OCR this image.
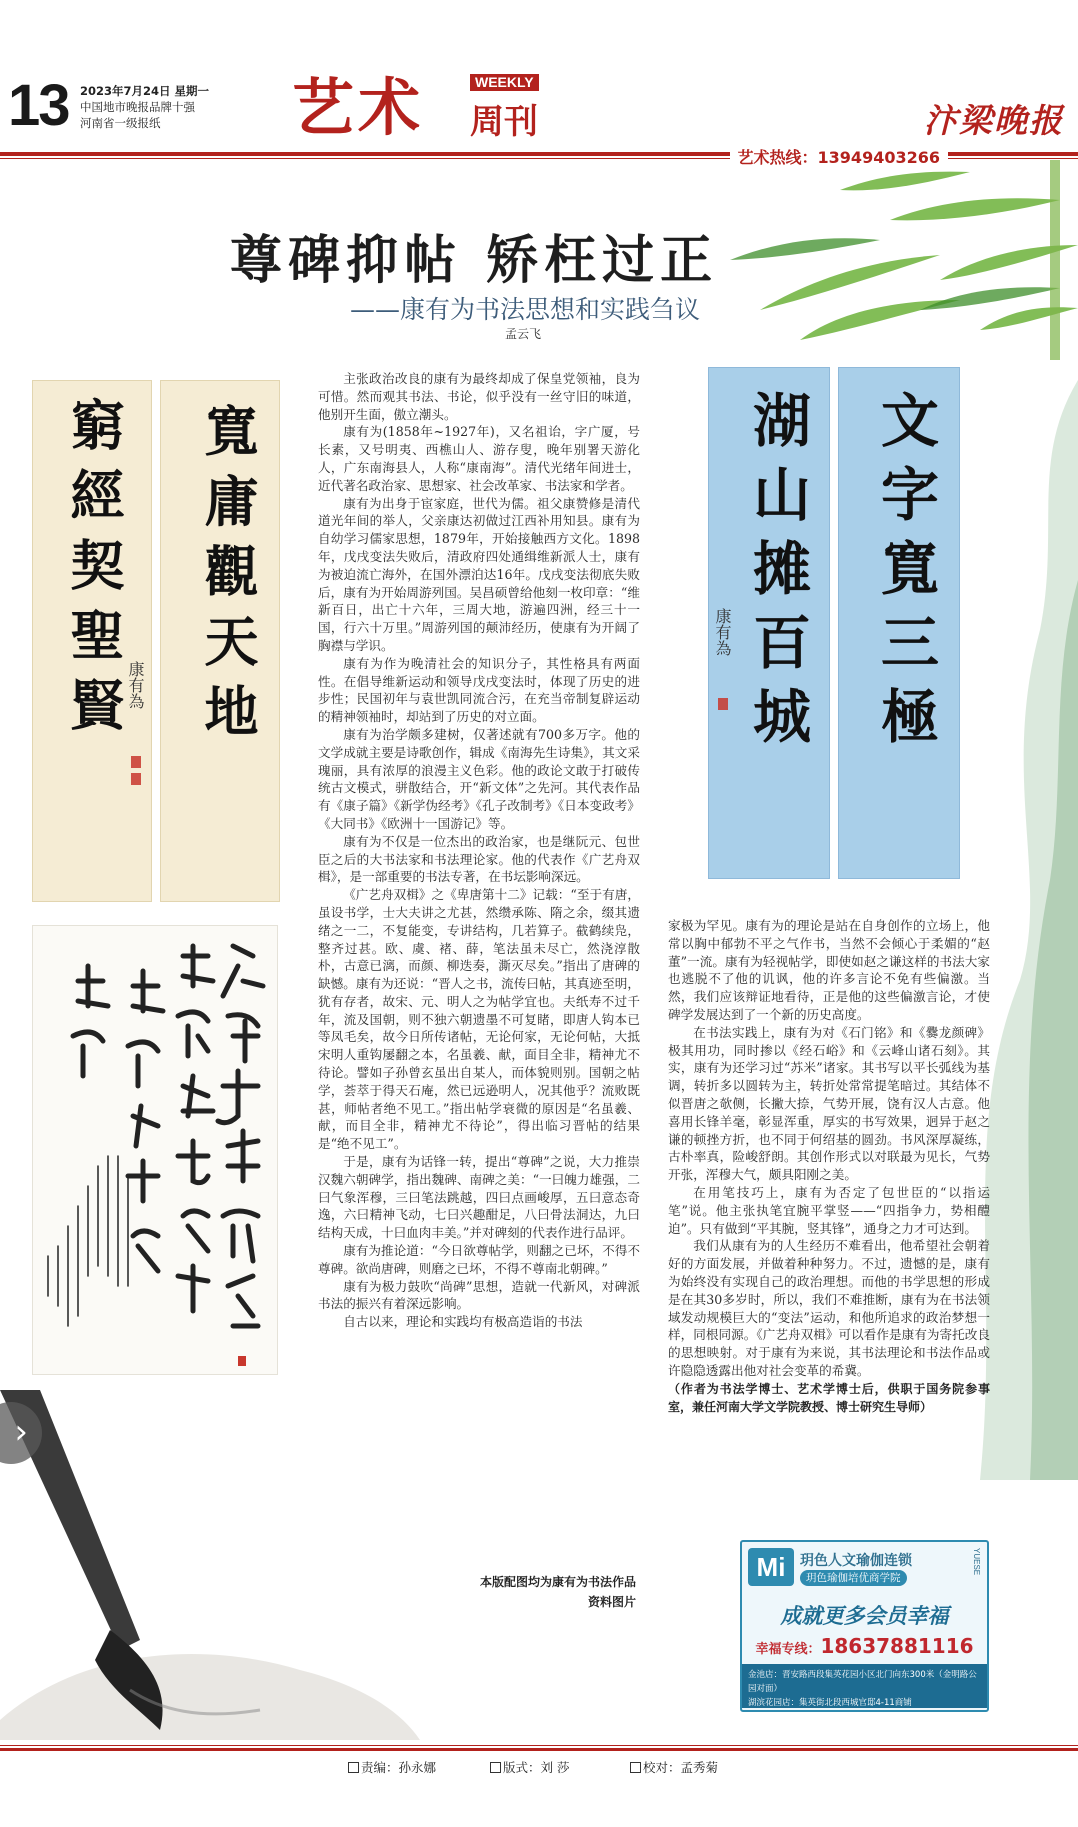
13 2023年7月24日 星期一
中国地市晚报品牌十强
河南省一级报纸	艺术	WEEKLY
周刊	汴梁晚报
艺术热线：13949403266
尊碑抑帖 矫枉过正
——康有为书法思想和实践刍议
孟云飞
窮經契聖賢 康有為 寬庸觀天地	湖山摊百城
康有為 文字寬三極

主张政治改良的康有为最终却成了保皇党领袖，良为可惜。然而观其书法、书论，似乎没有一丝守旧的味道，他别开生面，傲立潮头。

康有为(1858年~1927年)，又名祖诒，字广厦，号长素，又号明夷、西樵山人、游存叟，晚年别署天游化人，广东南海县人，人称“康南海”。清代光绪年间进士，近代著名政治家、思想家、社会改革家、书法家和学者。

康有为出身于宦家庭，世代为儒。祖父康赞修是清代道光年间的举人，父亲康达初做过江西补用知县。康有为自幼学习儒家思想，1879年，开始接触西方文化。1898年，戊戌变法失败后，清政府四处通缉维新派人士，康有为被迫流亡海外，在国外漂泊达16年。戊戌变法彻底失败后，康有为开始周游列国。吴昌硕曾给他刻一枚印章：“维新百日，出亡十六年，三周大地，游遍四洲，经三十一国，行六十万里。”周游列国的颠沛经历，使康有为开阔了胸襟与学识。

康有为作为晚清社会的知识分子，其性格具有两面性。在倡导维新运动和领导戊戌变法时，体现了历史的进步性；民国初年与袁世凯同流合污，在充当帝制复辟运动的精神领袖时，却站到了历史的对立面。

康有为治学颇多建树，仅著述就有700多万字。他的文学成就主要是诗歌创作，辑成《南海先生诗集》，其文采瑰丽，具有浓厚的浪漫主义色彩。他的政论文敢于打破传统古文模式，骈散结合，开“新文体”之先河。其代表作品有《康子篇》《新学伪经考》《孔子改制考》《日本变政考》《大同书》《欧洲十一国游记》等。

康有为不仅是一位杰出的政治家，也是继阮元、包世臣之后的大书法家和书法理论家。他的代表作《广艺舟双楫》，是一部重要的书法专著，在书坛影响深远。

《广艺舟双楫》之《卑唐第十二》记载：“至于有唐，虽设书学，士大夫讲之尤甚，然缵承陈、隋之余，缀其遗绪之一二，不复能变，专讲结构，几若算子。截鹤续凫，整齐过甚。欧、虞、褚、薛，笔法虽未尽亡，然浇淳散朴，古意已漓，而颜、柳迭奏，澌灭尽矣。”指出了唐碑的缺憾。康有为还说：“晋人之书，流传曰帖，其真迹至明，犹有存者，故宋、元、明人之为帖学宜也。夫纸寿不过千年，流及国朝，则不独六朝遗墨不可复睹，即唐人钩本已等凤毛矣，故今日所传诸帖，无论何家，无论何帖，大抵宋明人重钩屡翻之本，名虽羲、献，面目全非，精神尤不待论。譬如子孙曾玄虽出自某人，而体貌则别。国朝之帖学，荟萃于得天石庵，然已远逊明人，况其他乎？流败既甚，师帖者绝不见工。”指出帖学衰微的原因是“名虽羲、献，而目全非，精神尤不待论”，得出临习晋帖的结果是“绝不见工”。

于是，康有为话锋一转，提出“尊碑”之说，大力推崇汉魏六朝碑学，指出魏碑、南碑之美：“一曰魄力雄强，二曰气象浑穆，三曰笔法跳越，四曰点画峻厚，五曰意态奇逸，六曰精神飞动，七曰兴趣酣足，八曰骨法洞达，九曰结构天成，十曰血肉丰美。”并对碑刻的代表作进行品评。

康有为推论道：“今日欲尊帖学，则翻之已坏，不得不尊碑。欲尚唐碑，则磨之已坏，不得不尊南北朝碑。”

康有为极力鼓吹“尚碑”思想，造就一代新风，对碑派书法的振兴有着深远影响。

自古以来，理论和实践均有极高造诣的书法

家极为罕见。康有为的理论是站在自身创作的立场上，他常以胸中郁勃不平之气作书，当然不会倾心于柔媚的“赵董”一流。康有为轻视帖学，即使如赵之谦这样的书法大家也逃脱不了他的讥讽，他的许多言论不免有些偏激。当然，我们应该辩证地看待，正是他的这些偏激言论，才使碑学发展达到了一个新的历史高度。

在书法实践上，康有为对《石门铭》和《爨龙颜碑》极其用功，同时掺以《经石峪》和《云峰山诸石刻》。其实，康有为还学习过“苏米”诸家。其书写以平长弧线为基调，转折多以圆转为主，转折处常常提笔暗过。其结体不似晋唐之欹侧，长撇大捺，气势开展，饶有汉人古意。他喜用长锋羊毫，彰显浑重，厚实的书写效果，迥异于赵之谦的顿挫方折，也不同于何绍基的圆劲。书风深厚凝练，古朴率真，险峻舒朗。其创作形式以对联最为见长，气势开张，浑穆大气，颇具阳刚之美。

在用笔技巧上，康有为否定了包世臣的“以指运笔”说。他主张执笔宜腕平掌竖——“四指争力，势相醴迫”。只有做到“平其腕，竖其锋”，通身之力才可达到。

我们从康有为的人生经历不难看出，他希望社会朝着好的方面发展，并做着种种努力。不过，遗憾的是，康有为始终没有实现自己的政治理想。而他的书学思想的形成是在其30多岁时，所以，我们不难推断，康有为在书法领域发动规模巨大的“变法”运动，和他所追求的政治梦想一样，同根同源。《广艺舟双楫》可以看作是康有为寄托改良的思想映射。对于康有为来说，其书法理论和书法作品或许隐隐透露出他对社会变革的希冀。

（作者为书法学博士、艺术学博士后，供职于国务院参事室，兼任河南大学文学院教授、博士研究生导师）

本版配图均为康有为书法作品
资料图片
›
Mi	玥色人文瑜伽连锁
玥色瑜伽培优商学院
YUESE
成就更多会员幸福
幸福专线：18637881116
金池店：晋安路西段集英花园小区北门向东300米（金明路公园对面）
湖滨花园店：集英街北段西城官邸4-11商铺
责编：孙永娜	版式：刘 莎	校对：孟秀菊
